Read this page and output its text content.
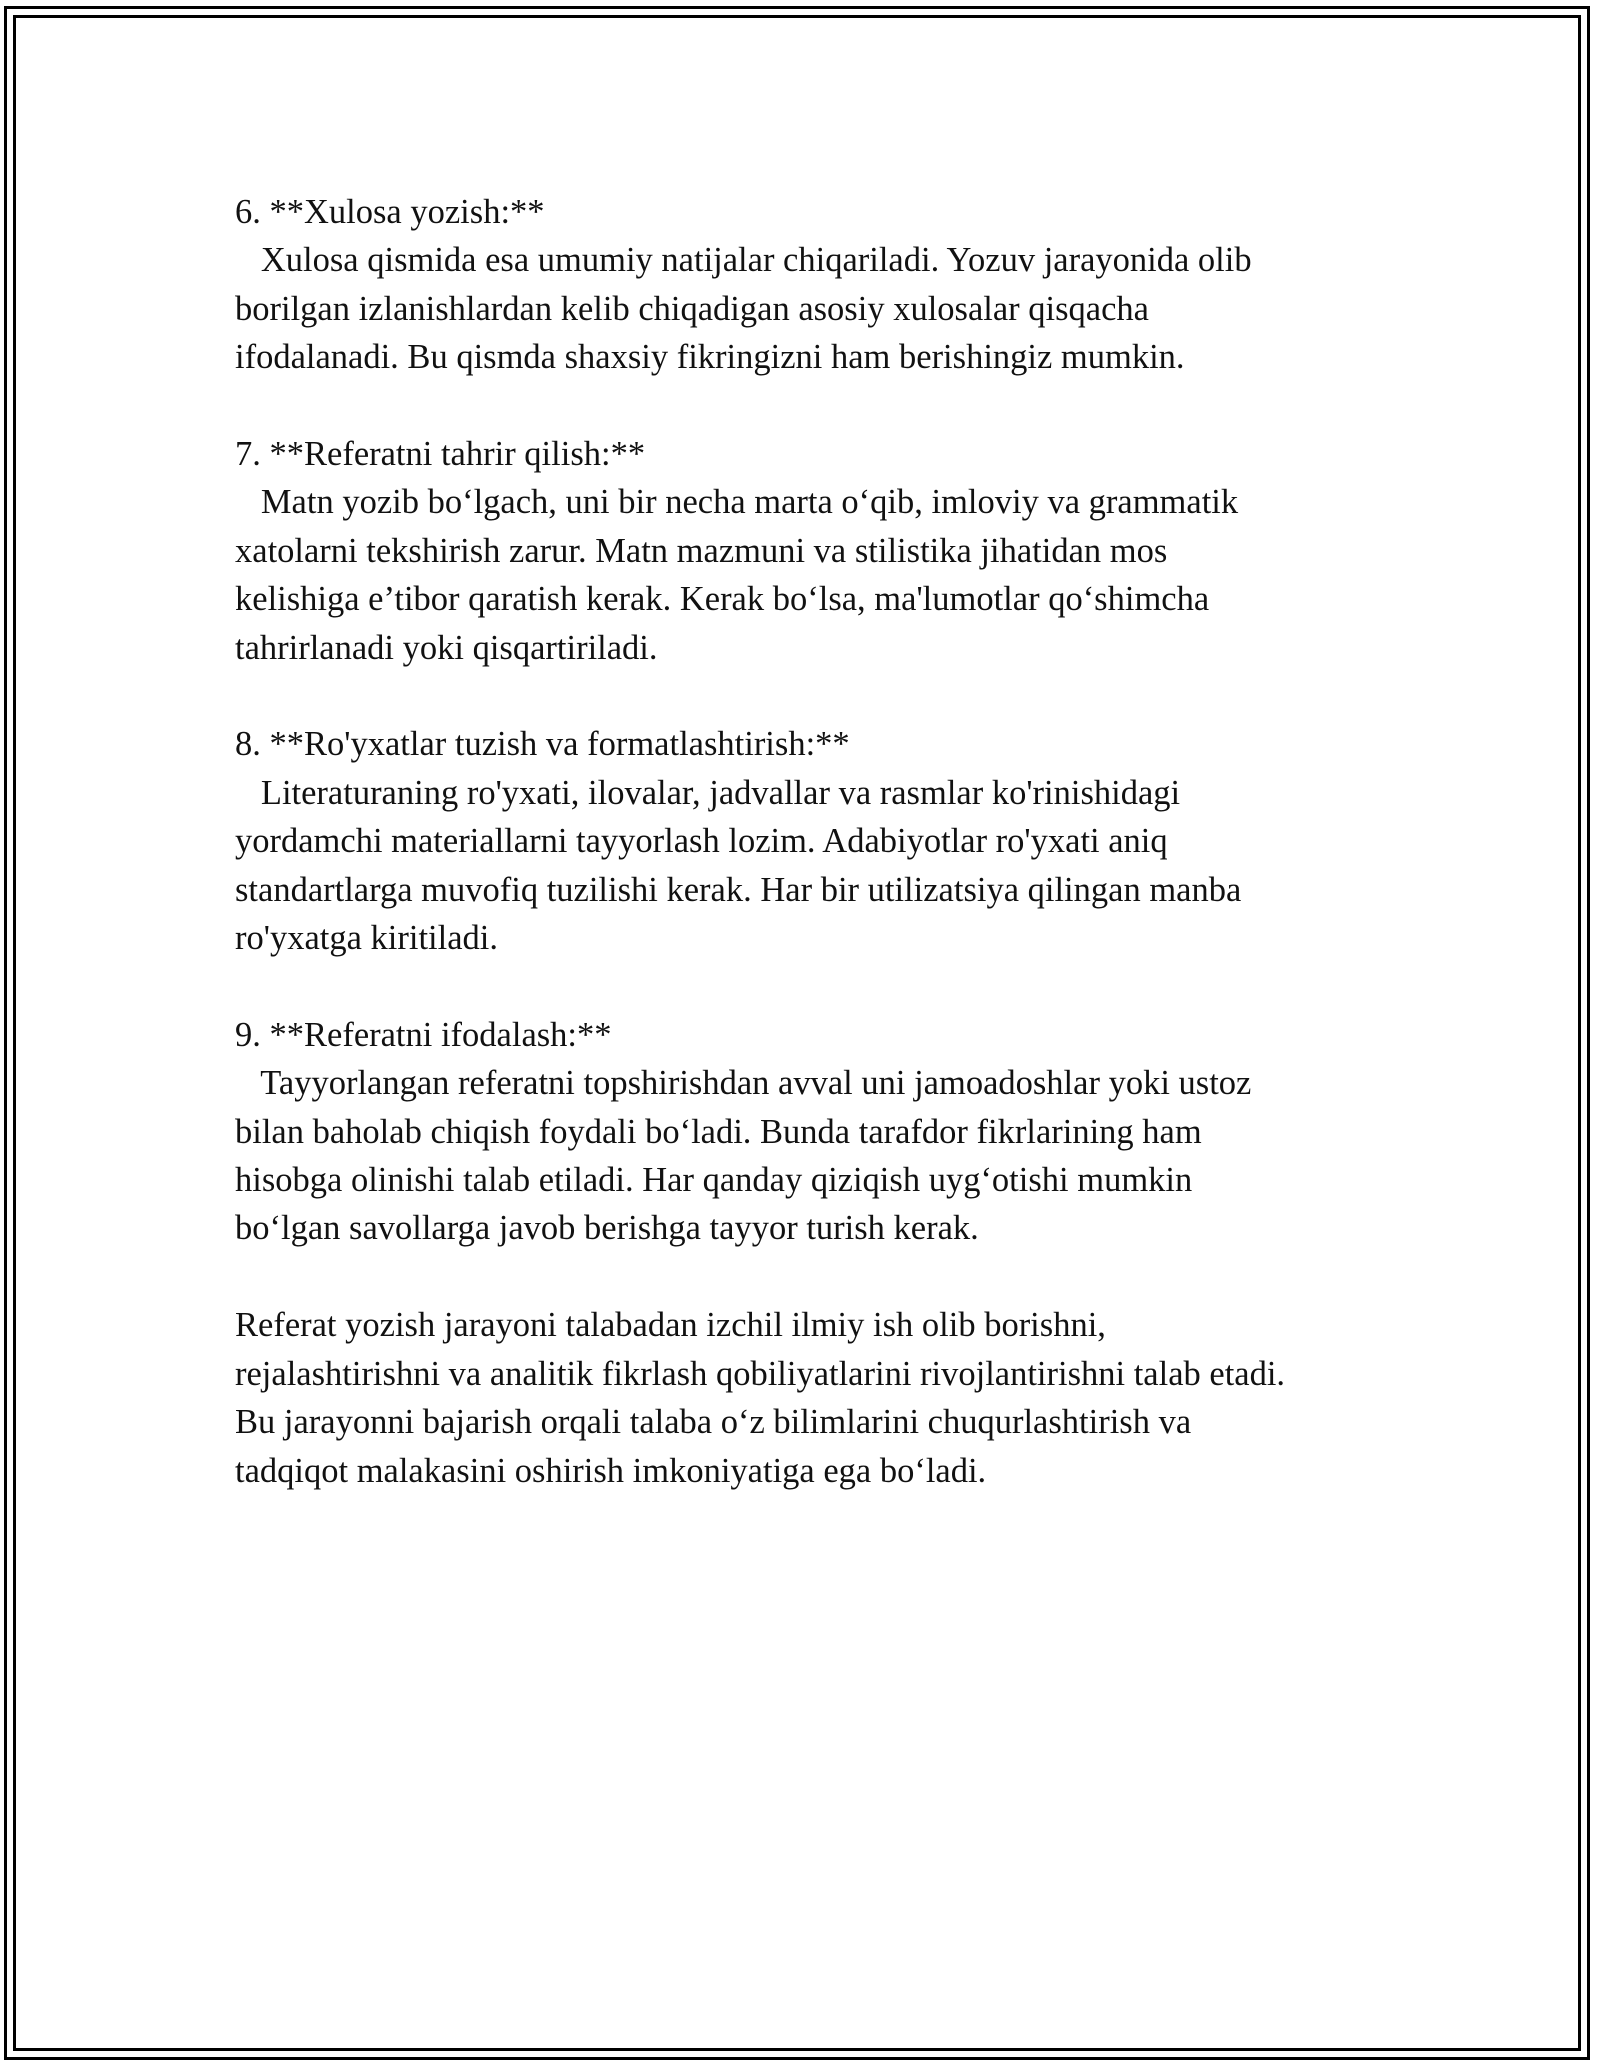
6. **Xulosa yozish:**

Xulosa qismida esa umumiy natijalar chiqariladi. Yozuv jarayonida olib

borilgan izlanishlardan kelib chiqadigan asosiy xulosalar qisqacha

ifodalanadi. Bu qismda shaxsiy fikringizni ham berishingiz mumkin.

7. **Referatni tahrir qilish:**

Matn yozib bo‘lgach, uni bir necha marta o‘qib, imloviy va grammatik

xatolarni tekshirish zarur. Matn mazmuni va stilistika jihatidan mos

kelishiga e’tibor qaratish kerak. Kerak bo‘lsa, ma'lumotlar qo‘shimcha

tahrirlanadi yoki qisqartiriladi.

8. **Ro'yxatlar tuzish va formatlashtirish:**

Literaturaning ro'yxati, ilovalar, jadvallar va rasmlar ko'rinishidagi

yordamchi materiallarni tayyorlash lozim. Adabiyotlar ro'yxati aniq

standartlarga muvofiq tuzilishi kerak. Har bir utilizatsiya qilingan manba

ro'yxatga kiritiladi.

9. **Referatni ifodalash:**

Tayyorlangan referatni topshirishdan avval uni jamoadoshlar yoki ustoz

bilan baholab chiqish foydali bo‘ladi. Bunda tarafdor fikrlarining ham

hisobga olinishi talab etiladi. Har qanday qiziqish uyg‘otishi mumkin

bo‘lgan savollarga javob berishga tayyor turish kerak.

Referat yozish jarayoni talabadan izchil ilmiy ish olib borishni,

rejalashtirishni va analitik fikrlash qobiliyatlarini rivojlantirishni talab etadi.

Bu jarayonni bajarish orqali talaba o‘z bilimlarini chuqurlashtirish va

tadqiqot malakasini oshirish imkoniyatiga ega bo‘ladi.
